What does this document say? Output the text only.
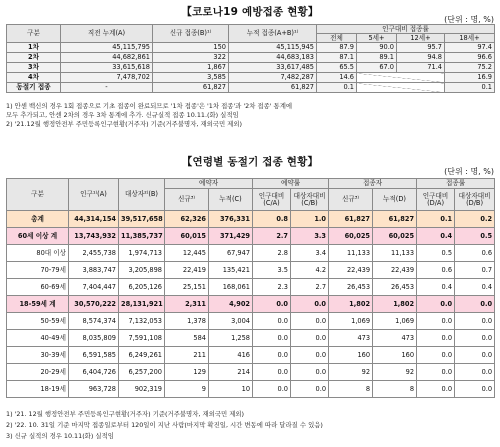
【코로나19 예방접종 현황】
(단위 : 명, %)
구분	직전 누계(A)	신규 접종(B)¹⁾	누적 접종(A+B)¹⁾	인구대비 접종률			
				전체	5세+	12세+	18세+
1차	45,115,795	150	45,115,945	87.9	90.0	95.7	97.4
2차	44,682,861	322	44,683,183	87.1	89.1	94.8	96.6
3차	33,615,618	1,867	33,617,485	65.5	67.0	71.4	75.2
4차	7,478,702	3,585	7,482,287	14.6			16.9
동절기 접종	-	61,827	61,827	0.1			0.1
1) 안센 백신의 경우 1회 접종으로 기초 접종이 완료되므로 '1차 접종'은 '1차 접종'과 '2차 접종' 통계에
모두 추가되고, 안센 2차의 경우 3차 통계에 추가. 신규실적 접종 10.11.(화) 실적임
2) '21.12월 행정안전부 주민등록인구현황(거주자) 기준(거주불명자, 재외국민 제외)
【연령별 동절기 접종 현황】
(단위 : 명, %)
구분	인구¹⁾(A)	대상자²⁾(B)	예약자		예약률		접종자		접종률	
			신규³⁾	누적(C)	인구대비(C/A)	대상자대비(C/B)	신규³⁾	누적(D)	인구대비(D/A)	대상자대비(D/B)
총계	44,314,154	39,517,658	62,326	376,331	0.8	1.0	61,827	61,827	0.1	0.2
60세 이상 계	13,743,932	11,385,737	60,015	371,429	2.7	3.3	60,025	60,025	0.4	0.5
80대 이상	2,455,738	1,974,713	12,445	67,947	2.8	3.4	11,133	11,133	0.5	0.6
70-79세	3,883,747	3,205,898	22,419	135,421	3.5	4.2	22,439	22,439	0.6	0.7
60-69세	7,404,447	6,205,126	25,151	168,061	2.3	2.7	26,453	26,453	0.4	0.4
18-59세 계	30,570,222	28,131,921	2,311	4,902	0.0	0.0	1,802	1,802	0.0	0.0
50-59세	8,574,374	7,132,053	1,378	3,004	0.0	0.0	1,069	1,069	0.0	0.0
40-49세	8,035,809	7,591,108	584	1,258	0.0	0.0	473	473	0.0	0.0
30-39세	6,591,585	6,249,261	211	416	0.0	0.0	160	160	0.0	0.0
20-29세	6,404,726	6,257,200	129	214	0.0	0.0	92	92	0.0	0.0
18-19세	963,728	902,319	9	10	0.0	0.0	8	8	0.0	0.0
1) '21. 12월 행정안전부 주민등록인구현황(거주자) 기준(거주불명자, 재외국민 제외)
2) '22. 10. 31일 기준 마지막 접종일로부터 120일이 지난 사람(마지막 확진일, 시간 변동에 따라 달라질 수 있음)
3) 신규 실적의 경우 10.11(화) 실적임
